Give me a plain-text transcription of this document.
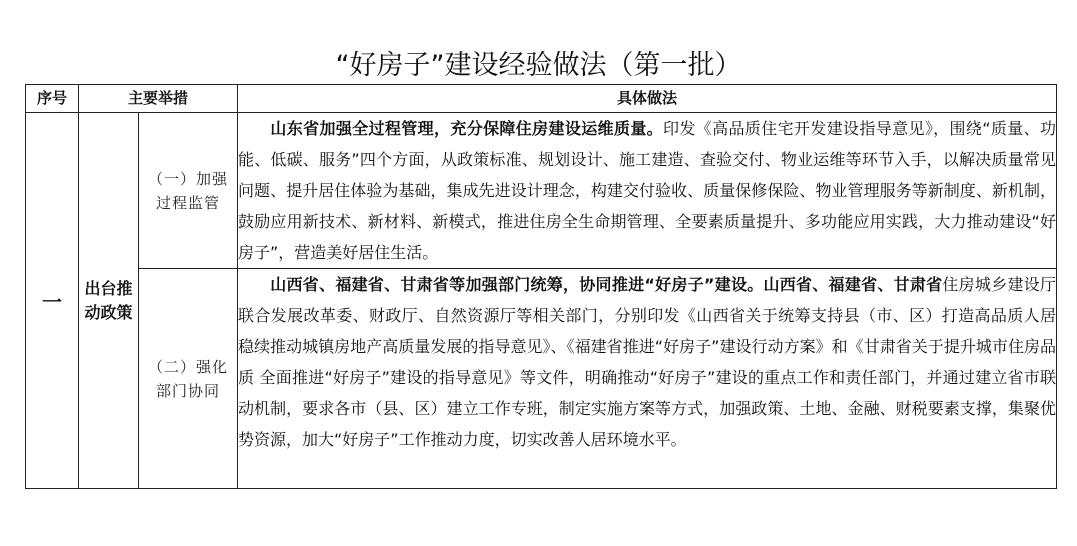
“好房子”建设经验做法（第一批）
序号	主要举措		具体做法
一	出台推动政策	（一）加强过程监管	山东省加强全过程管理，充分保障住房建设运维质量。印发《高品质住宅开发建设指导意见》，围绕“质量、功能、低碳、服务”四个方面，从政策标准、规划设计、施工建造、查验交付、物业运维等环节入手，以解决质量常见问题、提升居住体验为基础，集成先进设计理念，构建交付验收、质量保修保险、物业管理服务等新制度、新机制，鼓励应用新技术、新材料、新模式，推进住房全生命期管理、全要素质量提升、多功能应用实践，大力推动建设“好房子”，营造美好居住生活。

		（二）强化部门协同	山西省、福建省、甘肃省等加强部门统筹，协同推进“好房子”建设。山西省、福建省、甘肃省住房城乡建设厅联合发展改革委、财政厅、自然资源厅等相关部门，分别印发《山西省关于统筹支持县（市、区）打造高品质人居 稳续推动城镇房地产高质量发展的指导意见》、《福建省推进“好房子”建设行动方案》和《甘肃省关于提升城市住房品质 全面推进“好房子”建设的指导意见》等文件，明确推动“好房子”建设的重点工作和责任部门，并通过建立省市联动机制，要求各市（县、区）建立工作专班，制定实施方案等方式，加强政策、土地、金融、财税要素支撑，集聚优势资源，加大“好房子”工作推动力度，切实改善人居环境水平。
